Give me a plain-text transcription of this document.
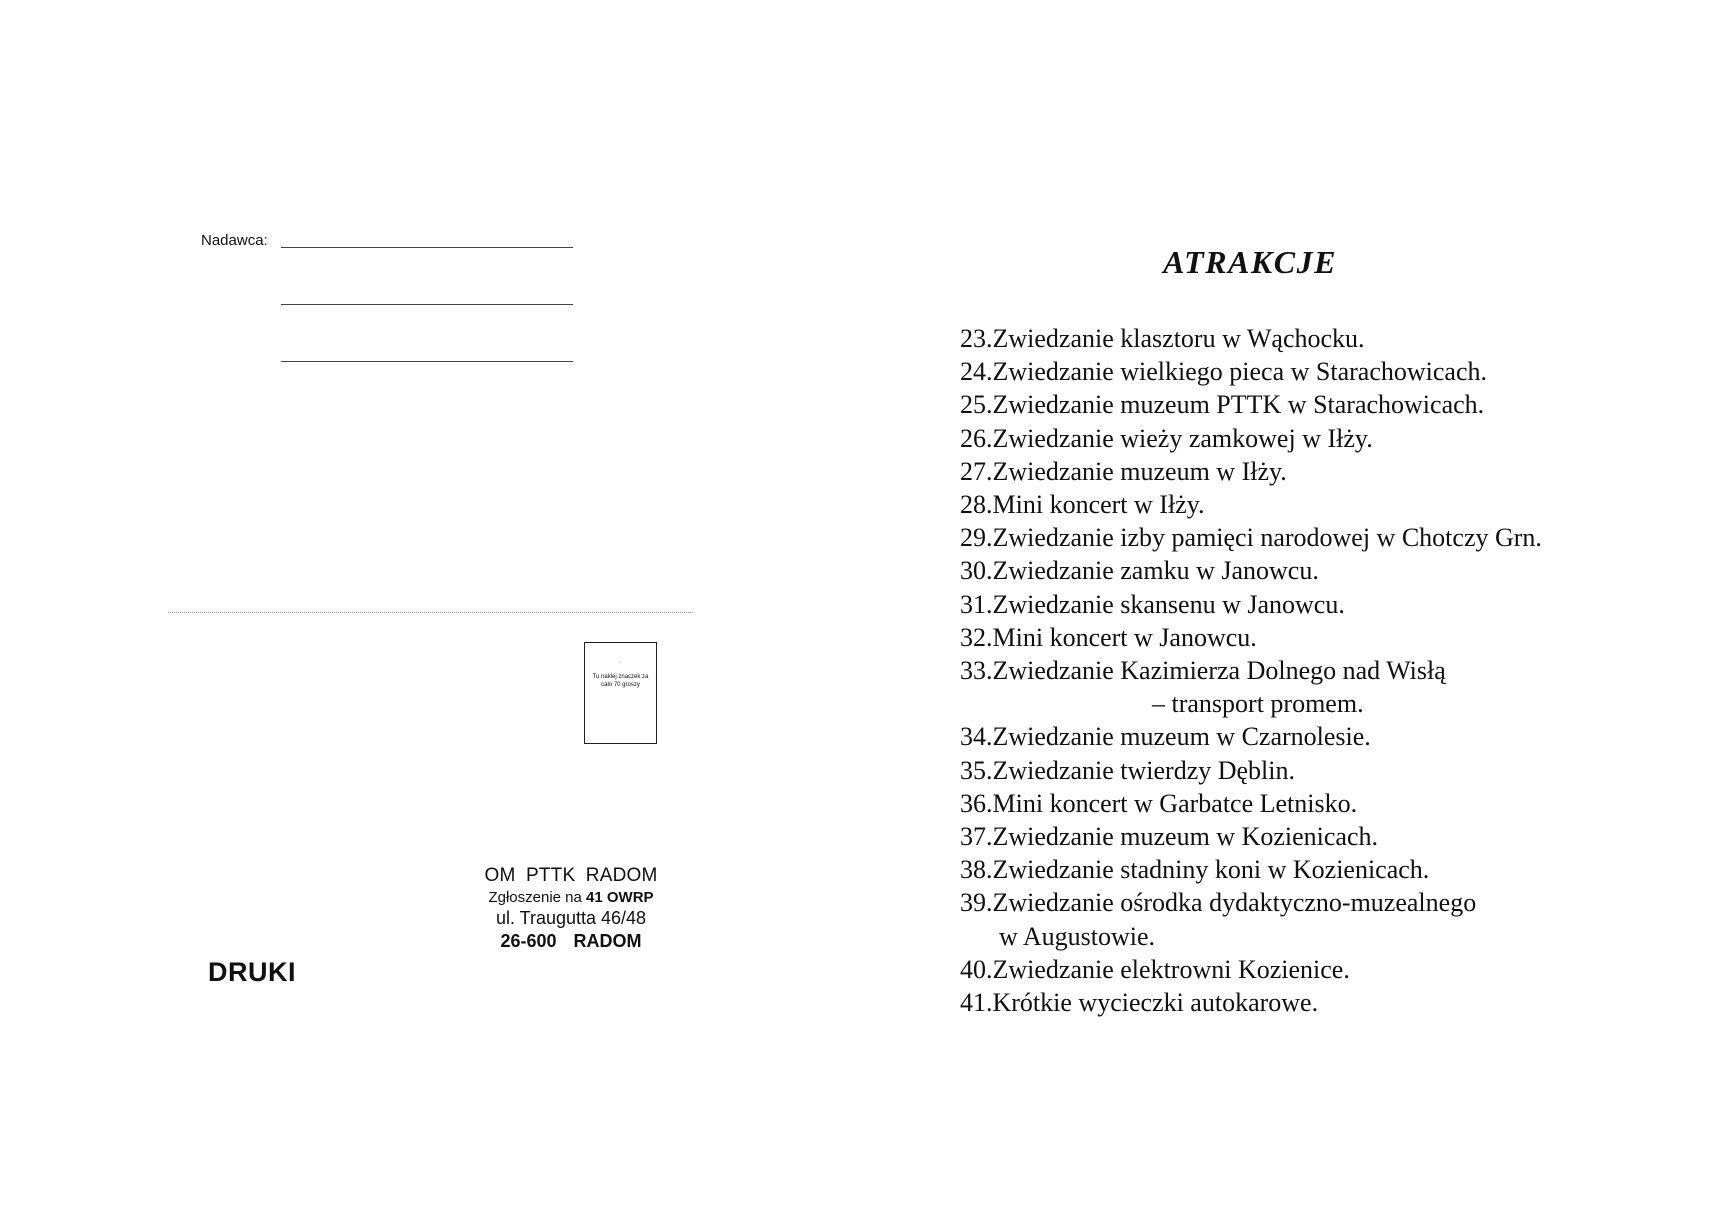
Nadawca:
·
Tu naklej znaczek za cało 70 groszy
OM PTTK RADOM
Zgłoszenie na 41 OWRP
ul. Traugutta 46/48
26-600 RADOM
DRUKI
ATRAKCJE
23.Zwiedzanie klasztoru w Wąchocku.
24.Zwiedzanie wielkiego pieca w Starachowicach.
25.Zwiedzanie muzeum PTTK w Starachowicach.
26.Zwiedzanie wieży zamkowej w Iłży.
27.Zwiedzanie muzeum w Iłży.
28.Mini koncert w Iłży.
29.Zwiedzanie izby pamięci narodowej w Chotczy Grn.
30.Zwiedzanie zamku w Janowcu.
31.Zwiedzanie skansenu w Janowcu.
32.Mini koncert w Janowcu.
33.Zwiedzanie Kazimierza Dolnego nad Wisłą
– transport promem.
34.Zwiedzanie muzeum w Czarnolesie.
35.Zwiedzanie twierdzy Dęblin.
36.Mini koncert w Garbatce Letnisko.
37.Zwiedzanie muzeum w Kozienicach.
38.Zwiedzanie stadniny koni w Kozienicach.
39.Zwiedzanie ośrodka dydaktyczno-muzealnego
w Augustowie.
40.Zwiedzanie elektrowni Kozienice.
41.Krótkie wycieczki autokarowe.
